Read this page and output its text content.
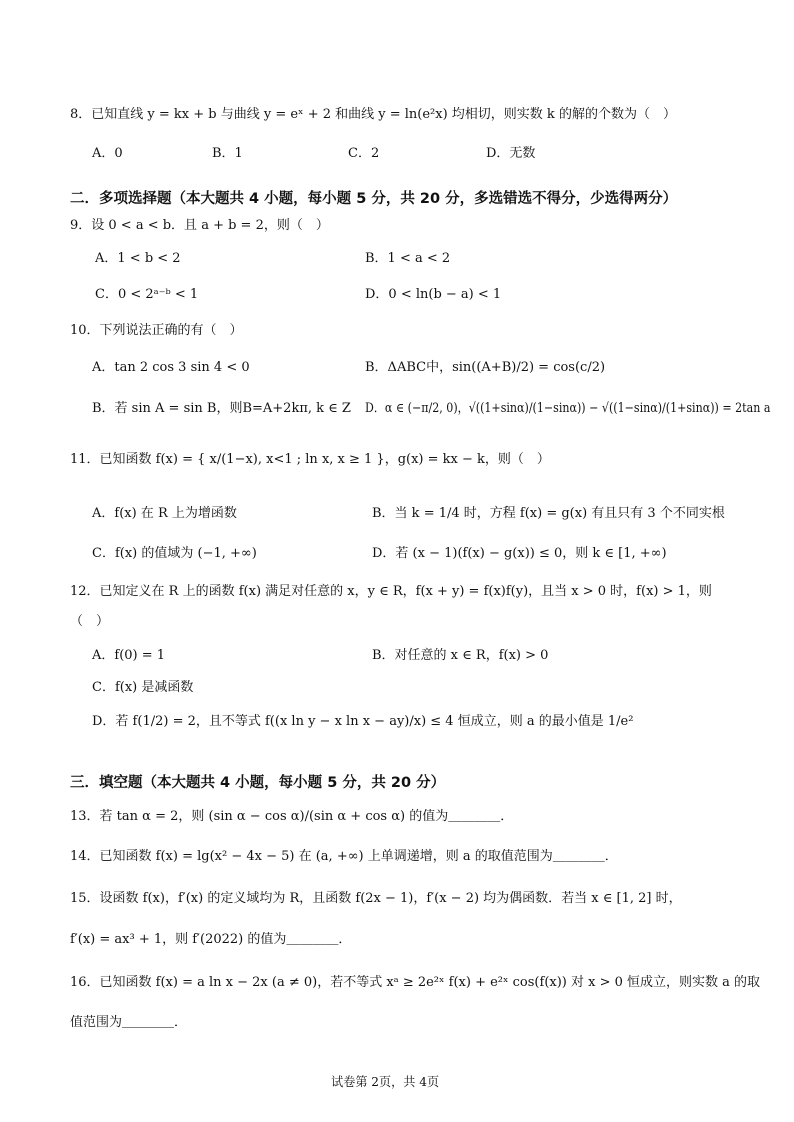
8．已知直线 y = kx + b 与曲线 y = eˣ + 2 和曲线 y = ln(e²x) 均相切，则实数 k 的解的个数为（　）
A．0	B．1	C．2	D．无数
二．多项选择题（本大题共 4 小题，每小题 5 分，共 20 分，多选错选不得分，少选得两分）
9．设 0 < a < b．且 a + b = 2，则（　）
A．1 < b < 2	B．1 < a < 2
C．0 < 2ᵃ⁻ᵇ < 1	D．0 < ln(b − a) < 1
10．下列说法正确的有（　）
A．tan 2 cos 3 sin 4 < 0	B．ΔABC中，sin((A+B)/2) = cos(c/2)
B．若 sin A = sin B，则B=A+2kπ, k ∈ Z D．α ∈ (−π/2, 0)，√((1+sinα)/(1−sinα)) − √((1−sinα)/(1+sinα)) = 2tan a
11．已知函数 f(x) = { x/(1−x), x<1 ; ln x, x ≥ 1 }，g(x) = kx − k，则（　）
A．f(x) 在 R 上为增函数	B．当 k = 1/4 时，方程 f(x) = g(x) 有且只有 3 个不同实根
C．f(x) 的值域为 (−1, +∞)	D．若 (x − 1)(f(x) − g(x)) ≤ 0，则 k ∈ [1, +∞)
12．已知定义在 R 上的函数 f(x) 满足对任意的 x，y ∈ R，f(x + y) = f(x)f(y)，且当 x > 0 时，f(x) > 1，则
（　）
A．f(0) = 1	B．对任意的 x ∈ R，f(x) > 0
C．f(x) 是减函数
D．若 f(1/2) = 2，且不等式 f((x ln y − x ln x − ay)/x) ≤ 4 恒成立，则 a 的最小值是 1/e²
三．填空题（本大题共 4 小题，每小题 5 分，共 20 分）
13．若 tan α = 2，则 (sin α − cos α)/(sin α + cos α) 的值为＿＿＿＿．
14．已知函数 f(x) = lg(x² − 4x − 5) 在 (a, +∞) 上单调递增，则 a 的取值范围为＿＿＿＿．
15．设函数 f(x)，f′(x) 的定义域均为 R，且函数 f(2x − 1)，f′(x − 2) 均为偶函数．若当 x ∈ [1, 2] 时，
f′(x) = ax³ + 1，则 f′(2022) 的值为＿＿＿＿．
16．已知函数 f(x) = a ln x − 2x (a ≠ 0)，若不等式 xᵃ ≥ 2e²ˣ f(x) + e²ˣ cos(f(x)) 对 x > 0 恒成立，则实数 a 的取
值范围为＿＿＿＿．
试卷第 2页，共 4页
